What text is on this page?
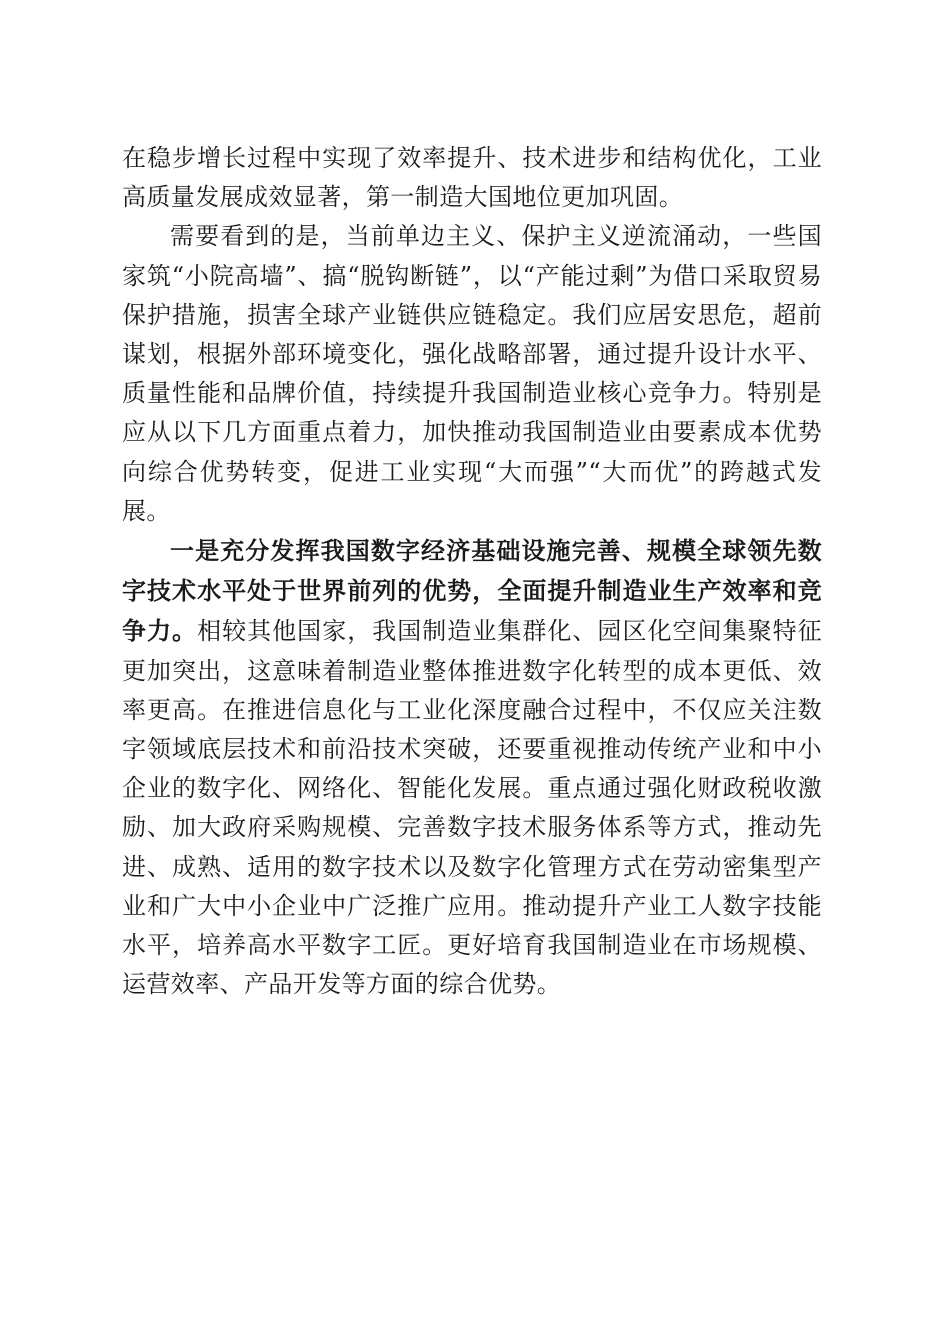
在稳步增长过程中实现了效率提升、技术进步和结构优化，工业高质量发展成效显著，第一制造大国地位更加巩固。

需要看到的是，当前单边主义、保护主义逆流涌动，一些国家筑“小院高墙”、搞“脱钩断链”，以“产能过剩”为借口采取贸易保护措施，损害全球产业链供应链稳定。我们应居安思危，超前谋划，根据外部环境变化，强化战略部署，通过提升设计水平、质量性能和品牌价值，持续提升我国制造业核心竞争力。特别是应从以下几方面重点着力，加快推动我国制造业由要素成本优势向综合优势转变，促进工业实现“大而强”“大而优”的跨越式发展。

一是充分发挥我国数字经济基础设施完善、规模全球领先数字技术水平处于世界前列的优势，全面提升制造业生产效率和竞争力。相较其他国家，我国制造业集群化、园区化空间集聚特征更加突出，这意味着制造业整体推进数字化转型的成本更低、效率更高。在推进信息化与工业化深度融合过程中，不仅应关注数字领域底层技术和前沿技术突破，还要重视推动传统产业和中小企业的数字化、网络化、智能化发展。重点通过强化财政税收激励、加大政府采购规模、完善数字技术服务体系等方式，推动先进、成熟、适用的数字技术以及数字化管理方式在劳动密集型产业和广大中小企业中广泛推广应用。推动提升产业工人数字技能水平，培养高水平数字工匠。更好培育我国制造业在市场规模、运营效率、产品开发等方面的综合优势。
